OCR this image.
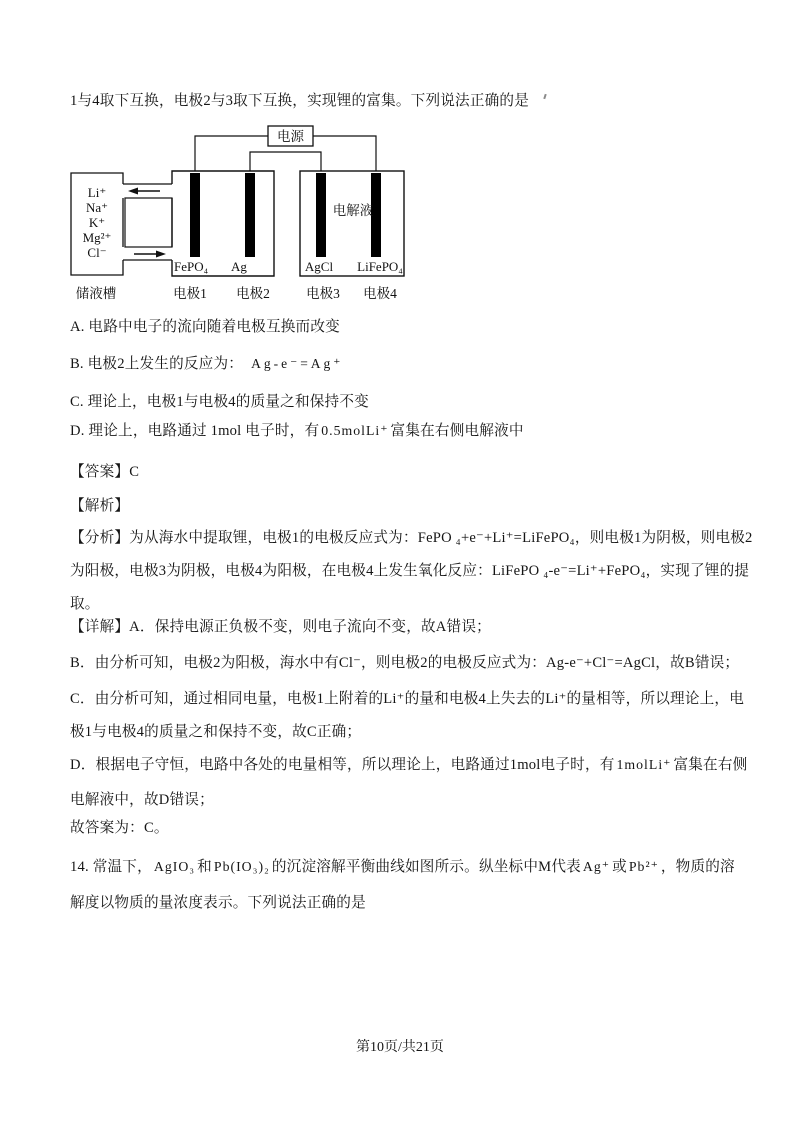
1与4取下互换，电极2与3取下互换，实现锂的富集。下列说法正确的是
电源
Li⁺
Na⁺
K⁺
Mg²⁺
Cl⁻
FePO₄ Ag
电解液
AgCl LiFePO₄
储液槽	电极1 电极2	电极3 电极4
A. 电路中电子的流向随着电极互换而改变
B. 电极2上发生的反应为： Ag-e⁻=Ag⁺
C. 理论上，电极1与电极4的质量之和保持不变
D. 理论上，电路通过 1mol 电子时，有 0.5molLi⁺ 富集在右侧电解液中
【答案】C
【解析】
【分析】为从海水中提取锂，电极1的电极反应式为：FePO ₄+e⁻+Li⁺=LiFePO₄，则电极1为阴极，则电极2
为阳极，电极3为阴极，电极4为阳极，在电极4上发生氧化反应：LiFePO ₄-e⁻=Li⁺+FePO₄，实现了锂的提
取。
【详解】A．保持电源正负极不变，则电子流向不变，故A错误；
B．由分析可知，电极2为阳极，海水中有Cl⁻，则电极2的电极反应式为：Ag-e⁻+Cl⁻=AgCl，故B错误；
C．由分析可知，通过相同电量，电极1上附着的Li⁺的量和电极4上失去的Li⁺的量相等，所以理论上，电
极1与电极4的质量之和保持不变，故C正确；
D．根据电子守恒，电路中各处的电量相等，所以理论上，电路通过1mol电子时，有 1molLi⁺ 富集在右侧
电解液中，故D错误；
故答案为：C。
14. 常温下， AgIO₃ 和 Pb(IO₃)₂ 的沉淀溶解平衡曲线如图所示。纵坐标中M代表 Ag⁺ 或 Pb²⁺ ，物质的溶
解度以物质的量浓度表示。下列说法正确的是
第10页/共21页
